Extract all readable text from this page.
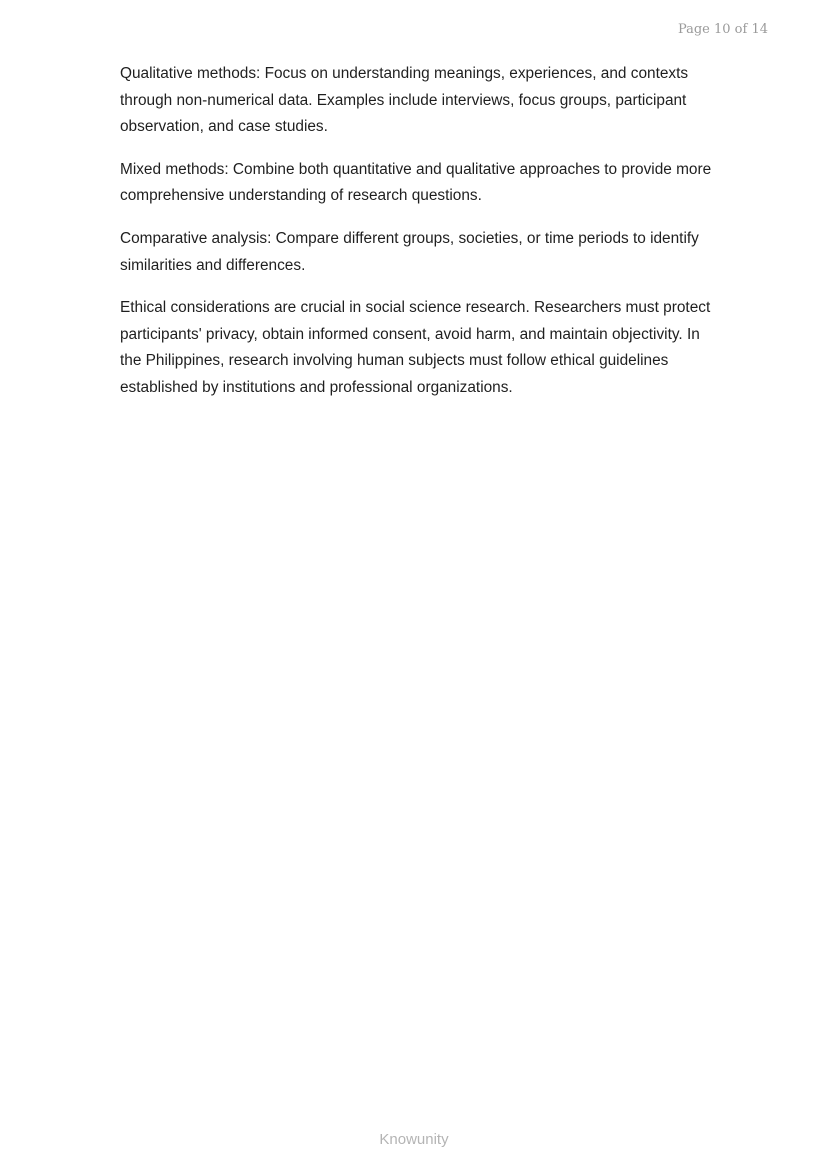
Page 10 of 14

Qualitative methods: Focus on understanding meanings, experiences, and contexts through non-numerical data. Examples include interviews, focus groups, participant observation, and case studies.

Mixed methods: Combine both quantitative and qualitative approaches to provide more comprehensive understanding of research questions.

Comparative analysis: Compare different groups, societies, or time periods to identify similarities and differences.

Ethical considerations are crucial in social science research. Researchers must protect participants' privacy, obtain informed consent, avoid harm, and maintain objectivity. In the Philippines, research involving human subjects must follow ethical guidelines established by institutions and professional organizations.

Knowunity
